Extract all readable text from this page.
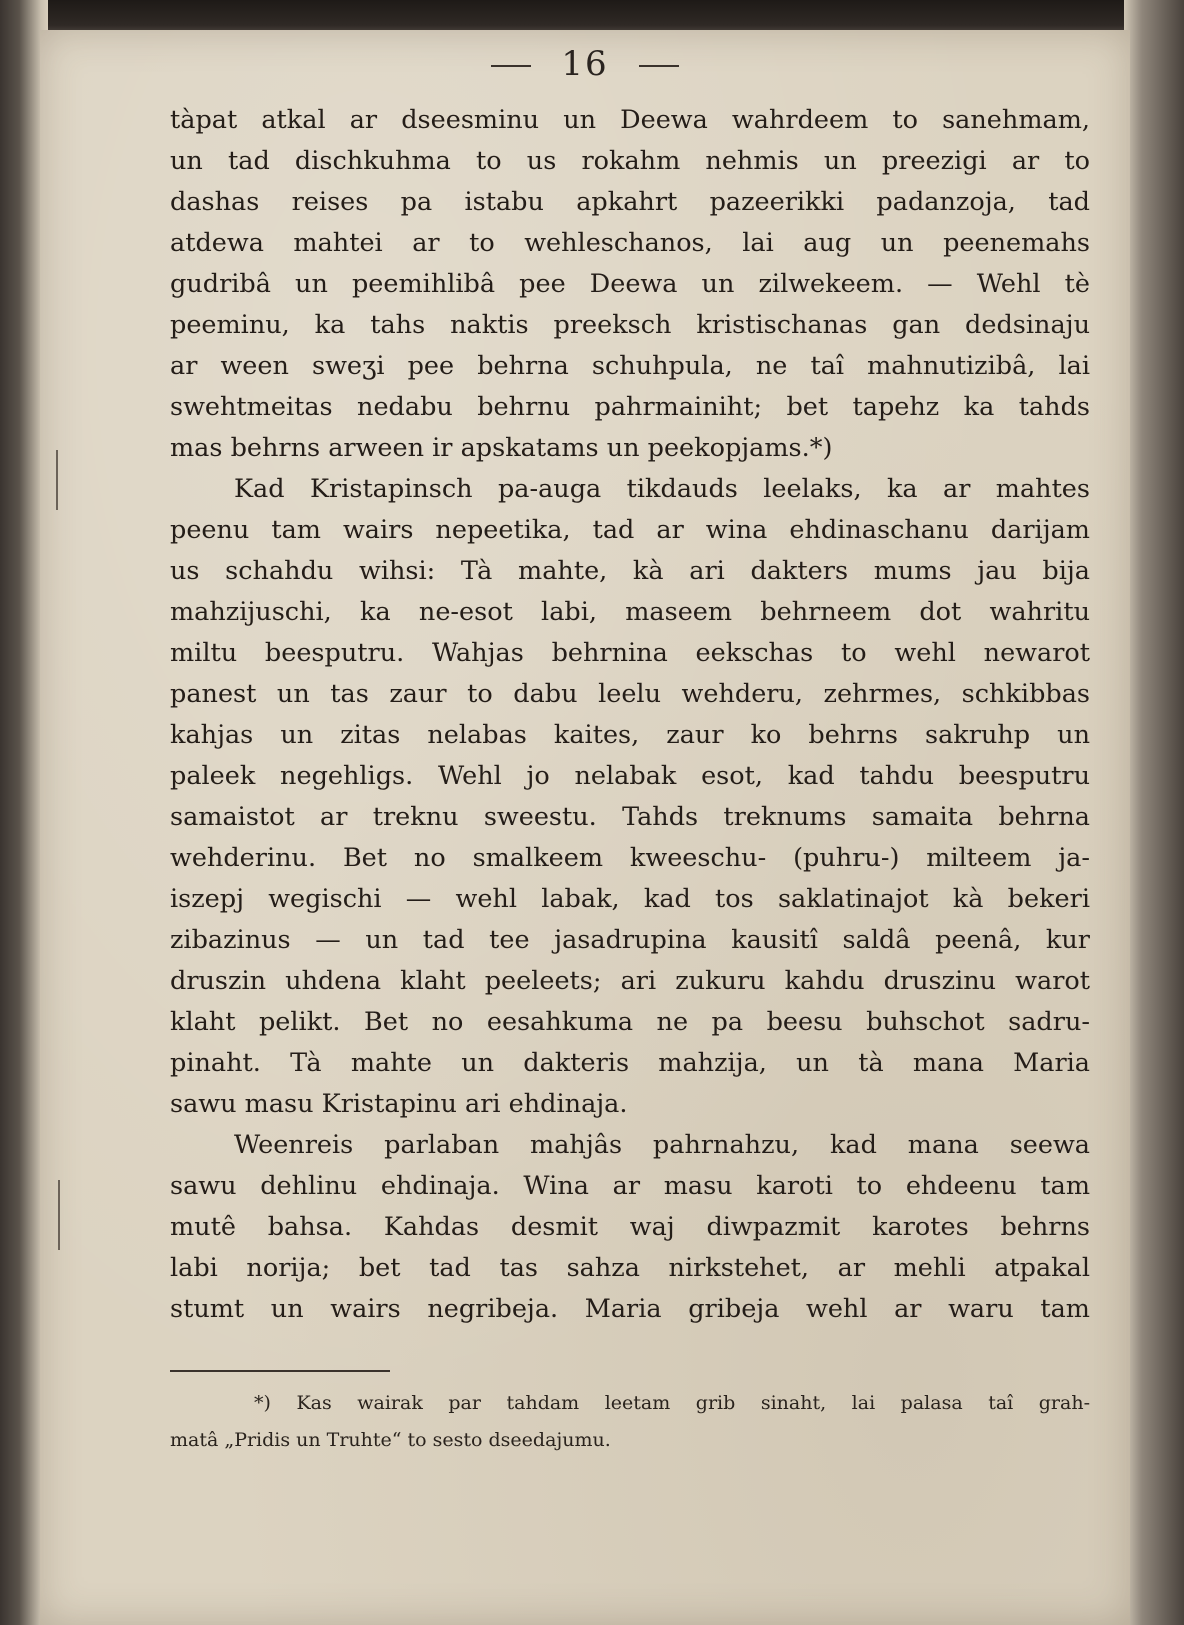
16
tàpat atkal ar dseesminu un Deewa wahrdeem to sanehmam,
un tad dischkuhma to us rokahm nehmis un preezigi ar to
dashas reises pa istabu apkahrt pazeerikki padanzoja, tad
atdewa mahtei ar to wehleschanos, lai aug un peenemahs
gudribâ un peemihlibâ pee Deewa un zilwekeem. — Wehl tè
peeminu, ka tahs naktis preeksch kristischanas gan dedsinaju
ar ween sweʒi pee behrna schuhpula, ne taî mahnutizibâ, lai
swehtmeitas nedabu behrnu pahrmainiht; bet tapehz ka tahds
mas behrns arween ir apskatams un peekopjams.*)
Kad Kristapinsch pa-auga tikdauds leelaks, ka ar mahtes
peenu tam wairs nepeetika, tad ar wina ehdinaschanu darijam
us schahdu wihsi: Tà mahte, kà ari dakters mums jau bija
mahzijuschi, ka ne-esot labi, maseem behrneem dot wahritu
miltu beesputru. Wahjas behrnina eekschas to wehl newarot
panest un tas zaur to dabu leelu wehderu, zehrmes, schkibbas
kahjas un zitas nelabas kaites, zaur ko behrns sakruhp un
paleek negehligs. Wehl jo nelabak esot, kad tahdu beesputru
samaistot ar treknu sweestu. Tahds treknums samaita behrna
wehderinu. Bet no smalkeem kweeschu- (puhru-) milteem ja-
iszepj wegischi — wehl labak, kad tos saklatinajot kà bekeri
zibazinus — un tad tee jasadrupina kausitî saldâ peenâ, kur
druszin uhdena klaht peeleets; ari zukuru kahdu druszinu warot
klaht pelikt. Bet no eesahkuma ne pa beesu buhschot sadru-
pinaht. Tà mahte un dakteris mahzija, un tà mana Maria
sawu masu Kristapinu ari ehdinaja.
Weenreis parlaban mahjâs pahrnahzu, kad mana seewa
sawu dehlinu ehdinaja. Wina ar masu karoti to ehdeenu tam
mutê bahsa. Kahdas desmit waj diwpazmit karotes behrns
labi norija; bet tad tas sahza nirkstehet, ar mehli atpakal
stumt un wairs negribeja. Maria gribeja wehl ar waru tam
*) Kas wairak par tahdam leetam grib sinaht, lai palasa taî grah-
matâ „Pridis un Truhte“ to sesto dseedajumu.
